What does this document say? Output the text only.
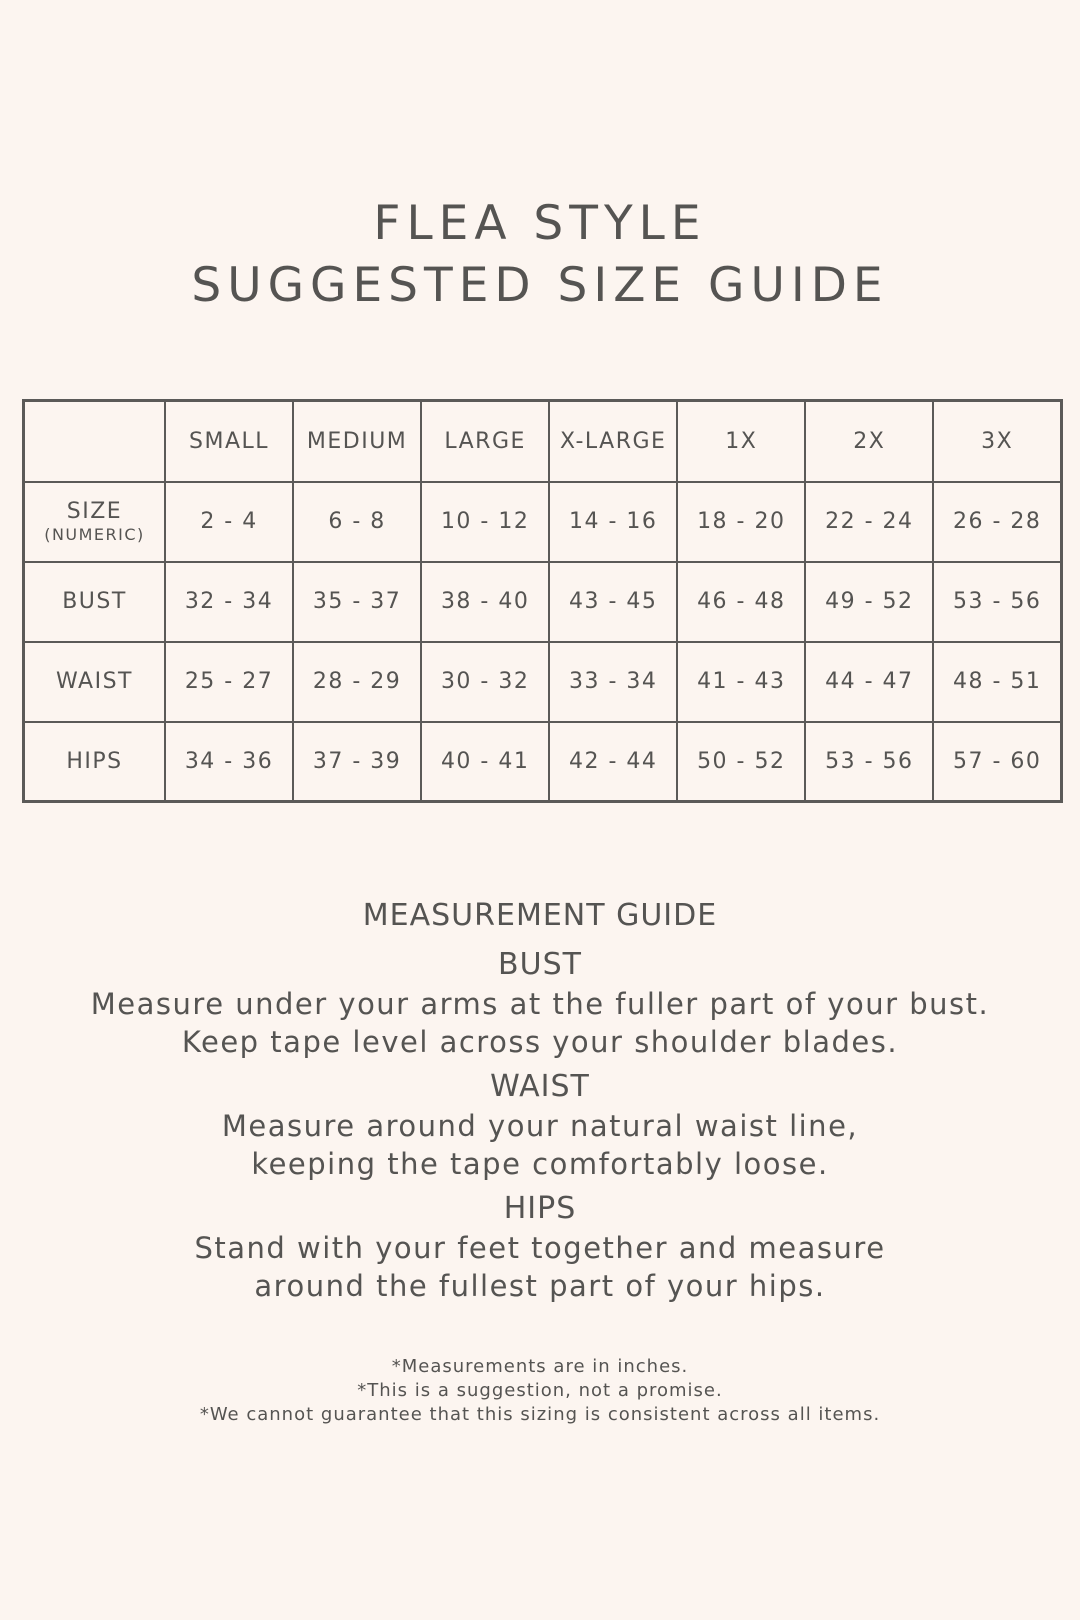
FLEA STYLE
SUGGESTED SIZE GUIDE
	SMALL	MEDIUM	LARGE	X-LARGE	1X	2X	3X

SIZE
(NUMERIC)	2 - 4	6 - 8	10 - 12	14 - 16	18 - 20	22 - 24	26 - 28
BUST	32 - 34	35 - 37	38 - 40	43 - 45	46 - 48	49 - 52	53 - 56
WAIST	25 - 27	28 - 29	30 - 32	33 - 34	41 - 43	44 - 47	48 - 51
HIPS	34 - 36	37 - 39	40 - 41	42 - 44	50 - 52	53 - 56	57 - 60

MEASUREMENT GUIDE

BUST

Measure under your arms at the fuller part of your bust.

Keep tape level across your shoulder blades.

WAIST

Measure around your natural waist line,

keeping the tape comfortably loose.

HIPS

Stand with your feet together and measure

around the fullest part of your hips.

*Measurements are in inches.

*This is a suggestion, not a promise.

*We cannot guarantee that this sizing is consistent across all items.
